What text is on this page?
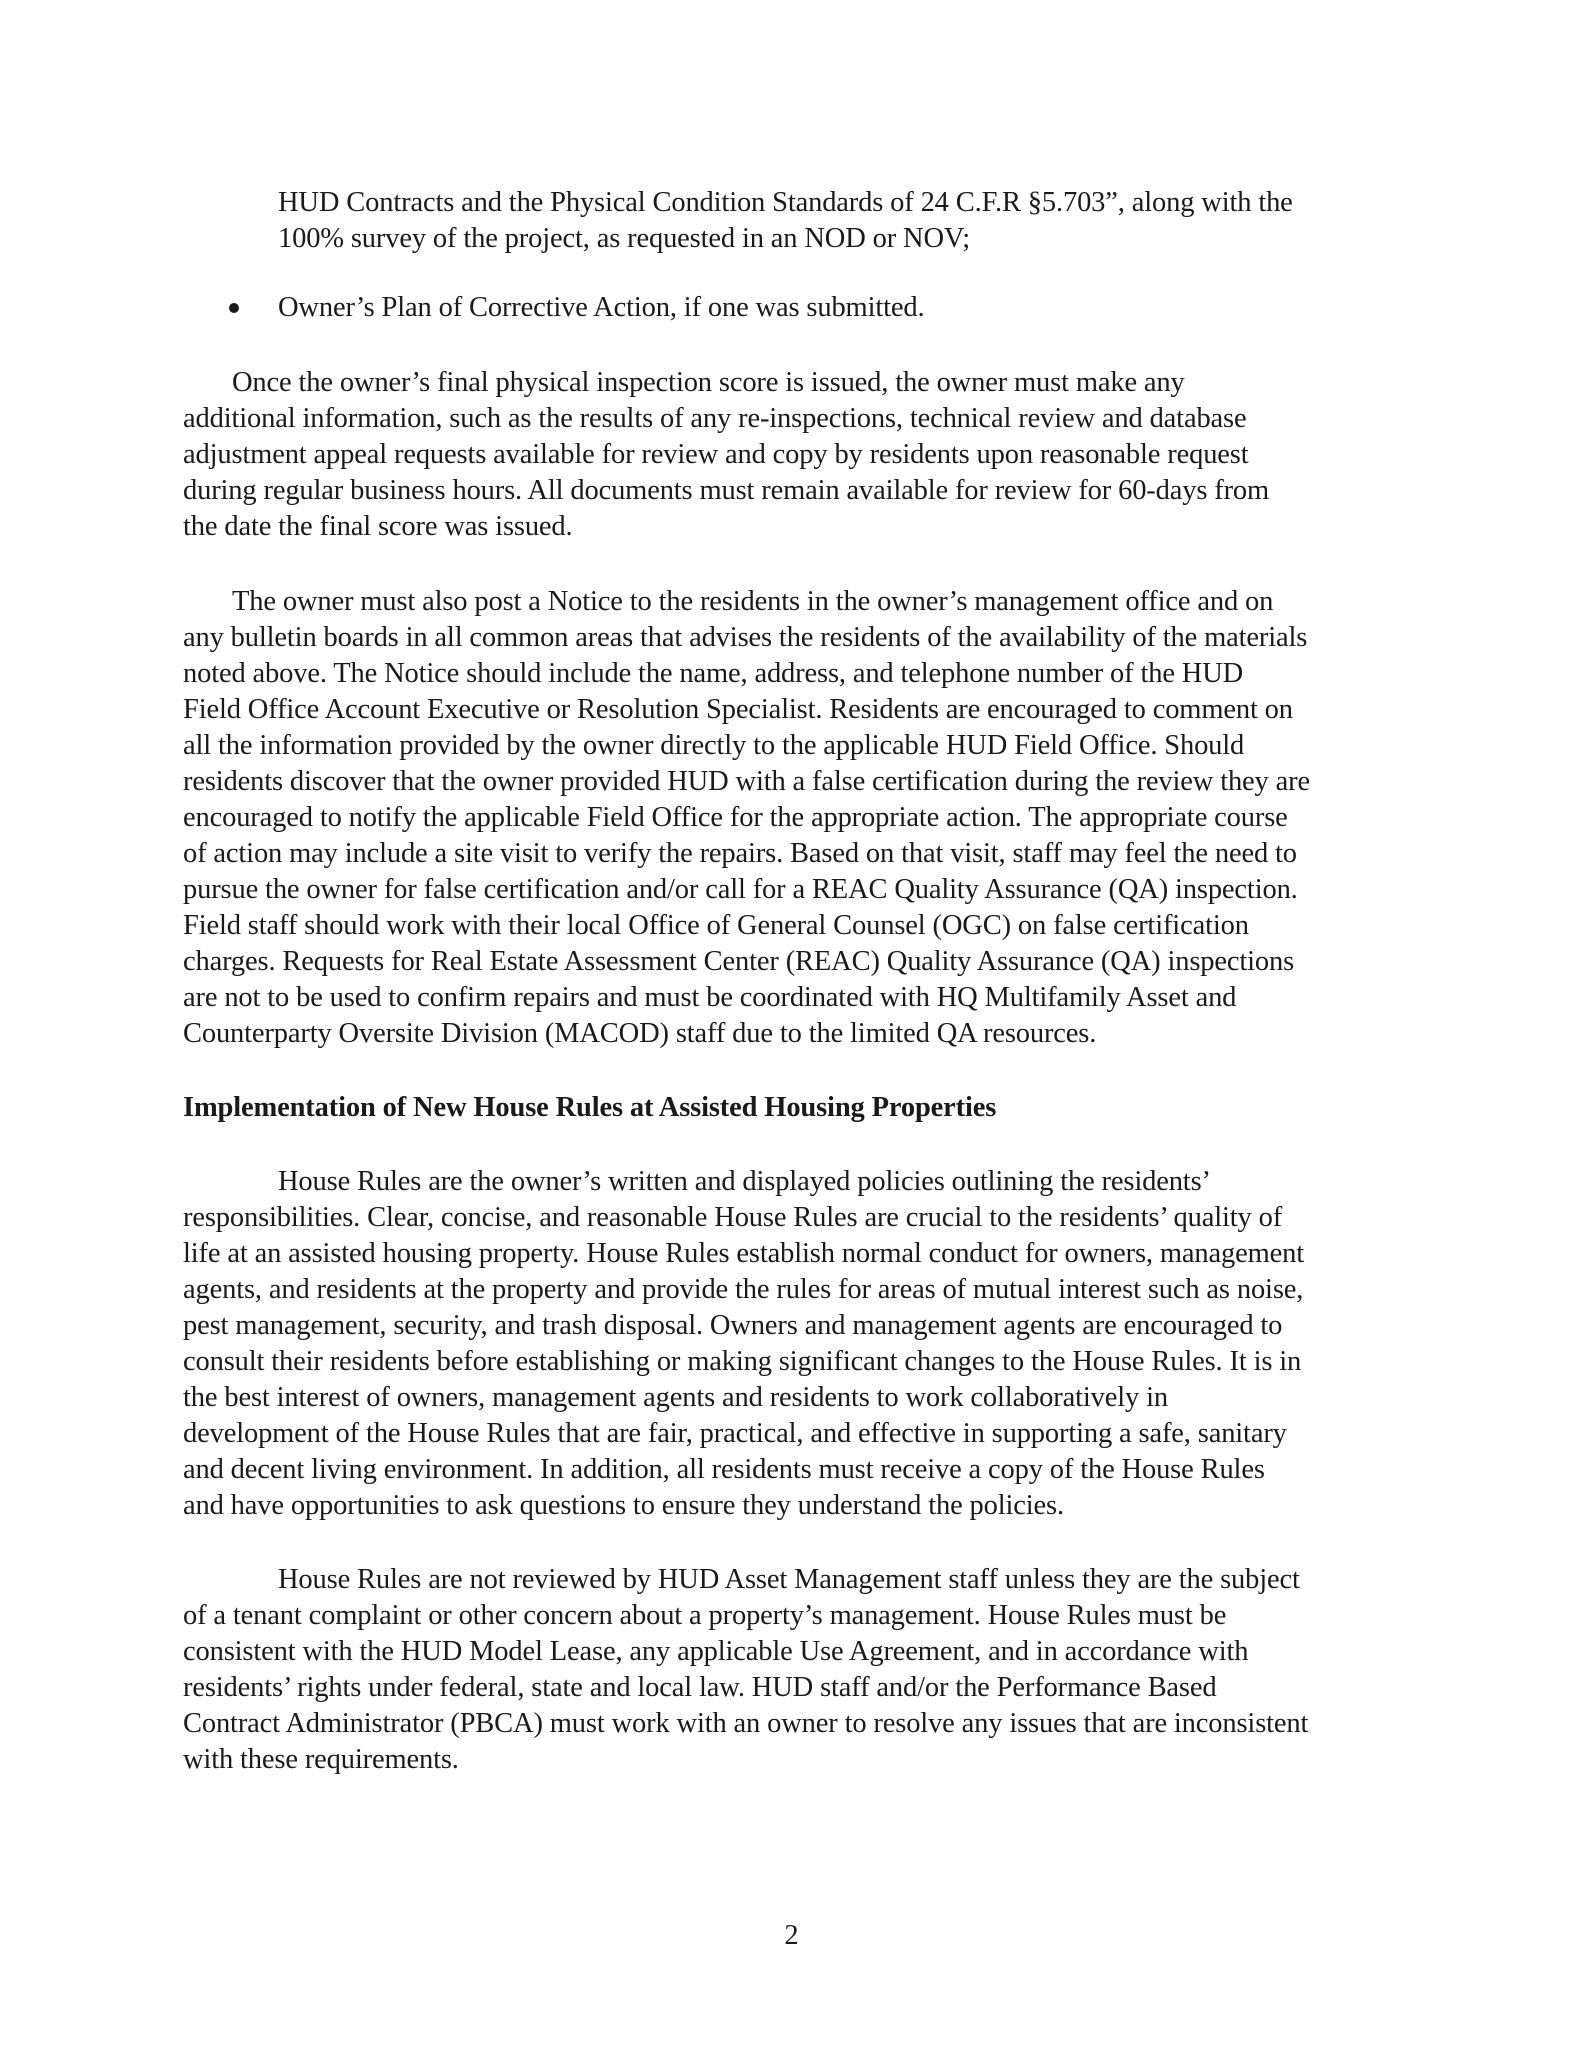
HUD Contracts and the Physical Condition Standards of 24 C.F.R §5.703”, along with the
100% survey of the project, as requested in an NOD or NOV;
Owner’s Plan of Corrective Action, if one was submitted.
Once the owner’s final physical inspection score is issued, the owner must make any
additional information, such as the results of any re-inspections, technical review and database
adjustment appeal requests available for review and copy by residents upon reasonable request
during regular business hours. All documents must remain available for review for 60-days from
the date the final score was issued.
The owner must also post a Notice to the residents in the owner’s management office and on
any bulletin boards in all common areas that advises the residents of the availability of the materials
noted above. The Notice should include the name, address, and telephone number of the HUD
Field Office Account Executive or Resolution Specialist. Residents are encouraged to comment on
all the information provided by the owner directly to the applicable HUD Field Office. Should
residents discover that the owner provided HUD with a false certification during the review they are
encouraged to notify the applicable Field Office for the appropriate action. The appropriate course
of action may include a site visit to verify the repairs. Based on that visit, staff may feel the need to
pursue the owner for false certification and/or call for a REAC Quality Assurance (QA) inspection.
Field staff should work with their local Office of General Counsel (OGC) on false certification
charges. Requests for Real Estate Assessment Center (REAC) Quality Assurance (QA) inspections
are not to be used to confirm repairs and must be coordinated with HQ Multifamily Asset and
Counterparty Oversite Division (MACOD) staff due to the limited QA resources.
Implementation of New House Rules at Assisted Housing Properties
House Rules are the owner’s written and displayed policies outlining the residents’
responsibilities. Clear, concise, and reasonable House Rules are crucial to the residents’ quality of
life at an assisted housing property. House Rules establish normal conduct for owners, management
agents, and residents at the property and provide the rules for areas of mutual interest such as noise,
pest management, security, and trash disposal. Owners and management agents are encouraged to
consult their residents before establishing or making significant changes to the House Rules. It is in
the best interest of owners, management agents and residents to work collaboratively in
development of the House Rules that are fair, practical, and effective in supporting a safe, sanitary
and decent living environment. In addition, all residents must receive a copy of the House Rules
and have opportunities to ask questions to ensure they understand the policies.
House Rules are not reviewed by HUD Asset Management staff unless they are the subject
of a tenant complaint or other concern about a property’s management. House Rules must be
consistent with the HUD Model Lease, any applicable Use Agreement, and in accordance with
residents’ rights under federal, state and local law. HUD staff and/or the Performance Based
Contract Administrator (PBCA) must work with an owner to resolve any issues that are inconsistent
with these requirements.
2
